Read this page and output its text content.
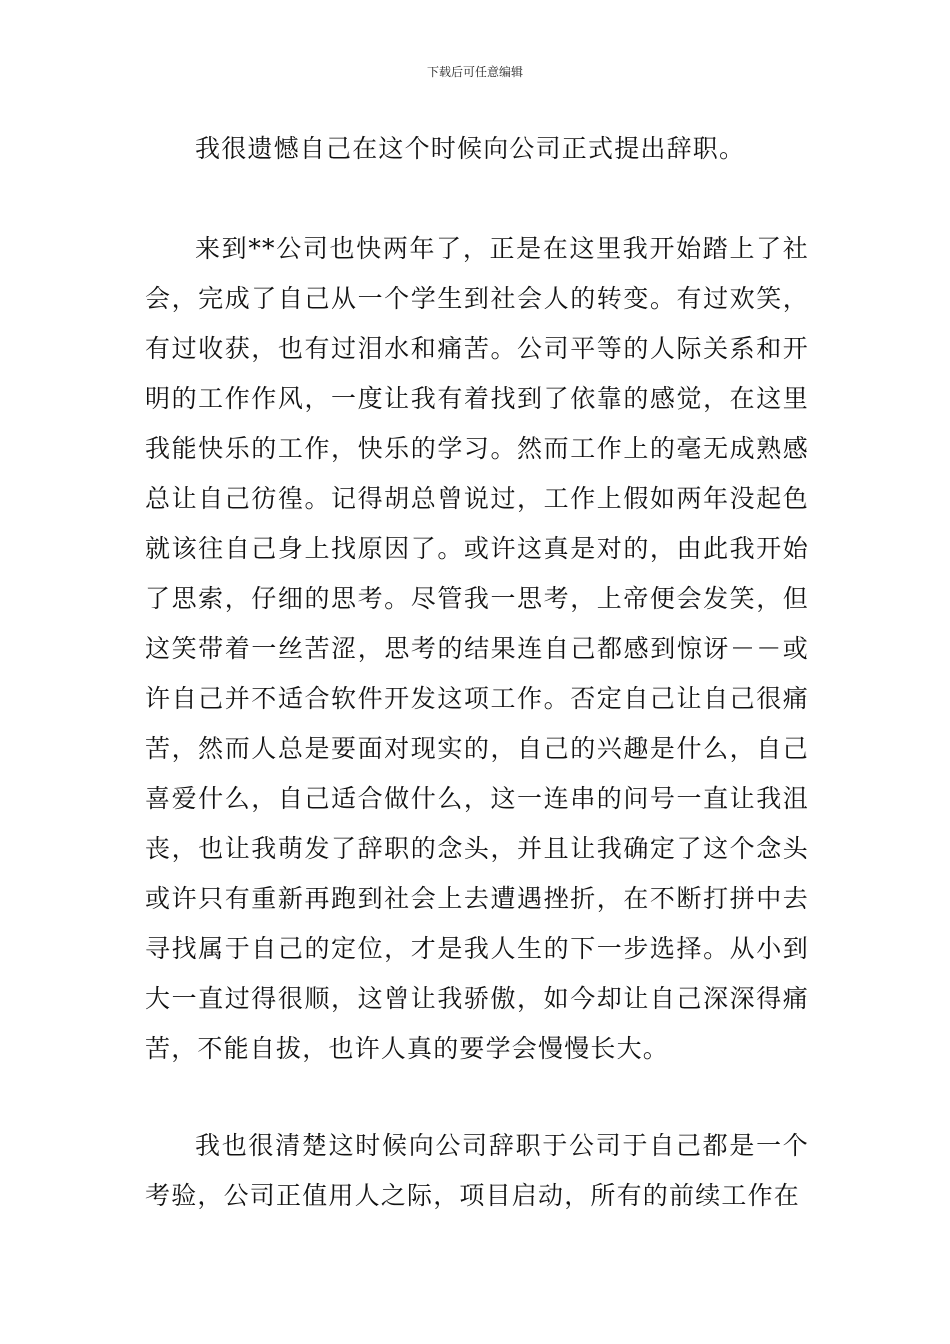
下载后可任意编辑

我很遗憾自己在这个时候向公司正式提出辞职。

来到**公司也快两年了，正是在这里我开始踏上了社会，完成了自己从一个学生到社会人的转变。有过欢笑，有过收获，也有过泪水和痛苦。公司平等的人际关系和开明的工作作风，一度让我有着找到了依靠的感觉，在这里我能快乐的工作，快乐的学习。然而工作上的毫无成熟感总让自己彷徨。记得胡总曾说过，工作上假如两年没起色就该往自己身上找原因了。或许这真是对的，由此我开始了思索，仔细的思考。尽管我一思考，上帝便会发笑，但这笑带着一丝苦涩，思考的结果连自己都感到惊讶－－或许自己并不适合软件开发这项工作。否定自己让自己很痛苦，然而人总是要面对现实的，自己的兴趣是什么，自己喜爱什么，自己适合做什么，这一连串的问号一直让我沮丧，也让我萌发了辞职的念头，并且让我确定了这个念头或许只有重新再跑到社会上去遭遇挫折，在不断打拼中去寻找属于自己的定位，才是我人生的下一步选择。从小到大一直过得很顺，这曾让我骄傲，如今却让自己深深得痛苦，不能自拔，也许人真的要学会慢慢长大。

我也很清楚这时候向公司辞职于公司于自己都是一个考验，公司正值用人之际，项目启动，所有的前续工作在
